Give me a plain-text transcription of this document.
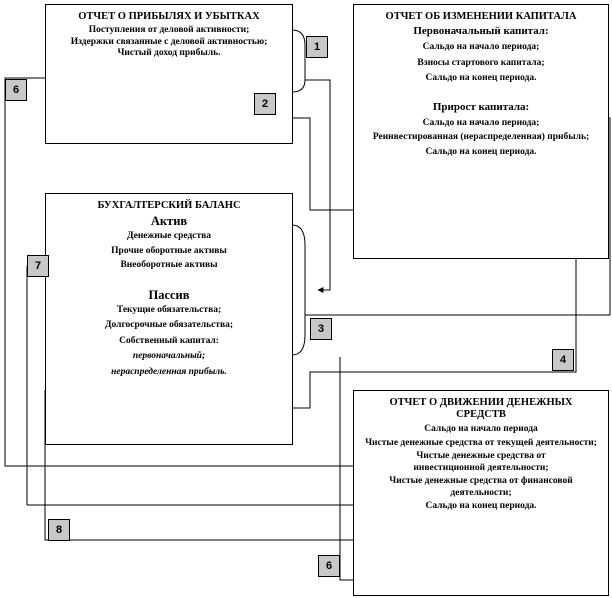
ОТЧЕТ О ПРИБЫЛЯХ И УБЫТКАХ
Поступления от деловой активности;
Издержки связанные с деловой активностью;
Чистый доход прибыль.
ОТЧЕТ ОБ ИЗМЕНЕНИИ КАПИТАЛА
Первоначальный капитал:
Сальдо на начало периода;
Взносы стартового капитала;
Сальдо на конец периода.
Прирост капитала:
Сальдо на начало периода;
Реинвестированная (нераспределенная) прибыль;
Сальдо на конец периода.
БУХГАЛТЕРСКИЙ БАЛАНС
Актив
Денежные средства
Прочие оборотные активы
Внеоборотные активы
Пассив
Текущие обязательства;
Долгосрочные обязательства;
Собственный капитал:
первоначальный;
нераспределенная прибыль.
ОТЧЕТ О ДВИЖЕНИИ ДЕНЕЖНЫХ СРЕДСТВ
Сальдо на начало периода
Чистые денежные средства от текущей деятельности;
Чистые денежные средства от инвестиционной деятельности;
Чистые денежные средства от финансовой деятельности;
Сальдо на конец периода.
1
2
6
7
3
4
8
6
